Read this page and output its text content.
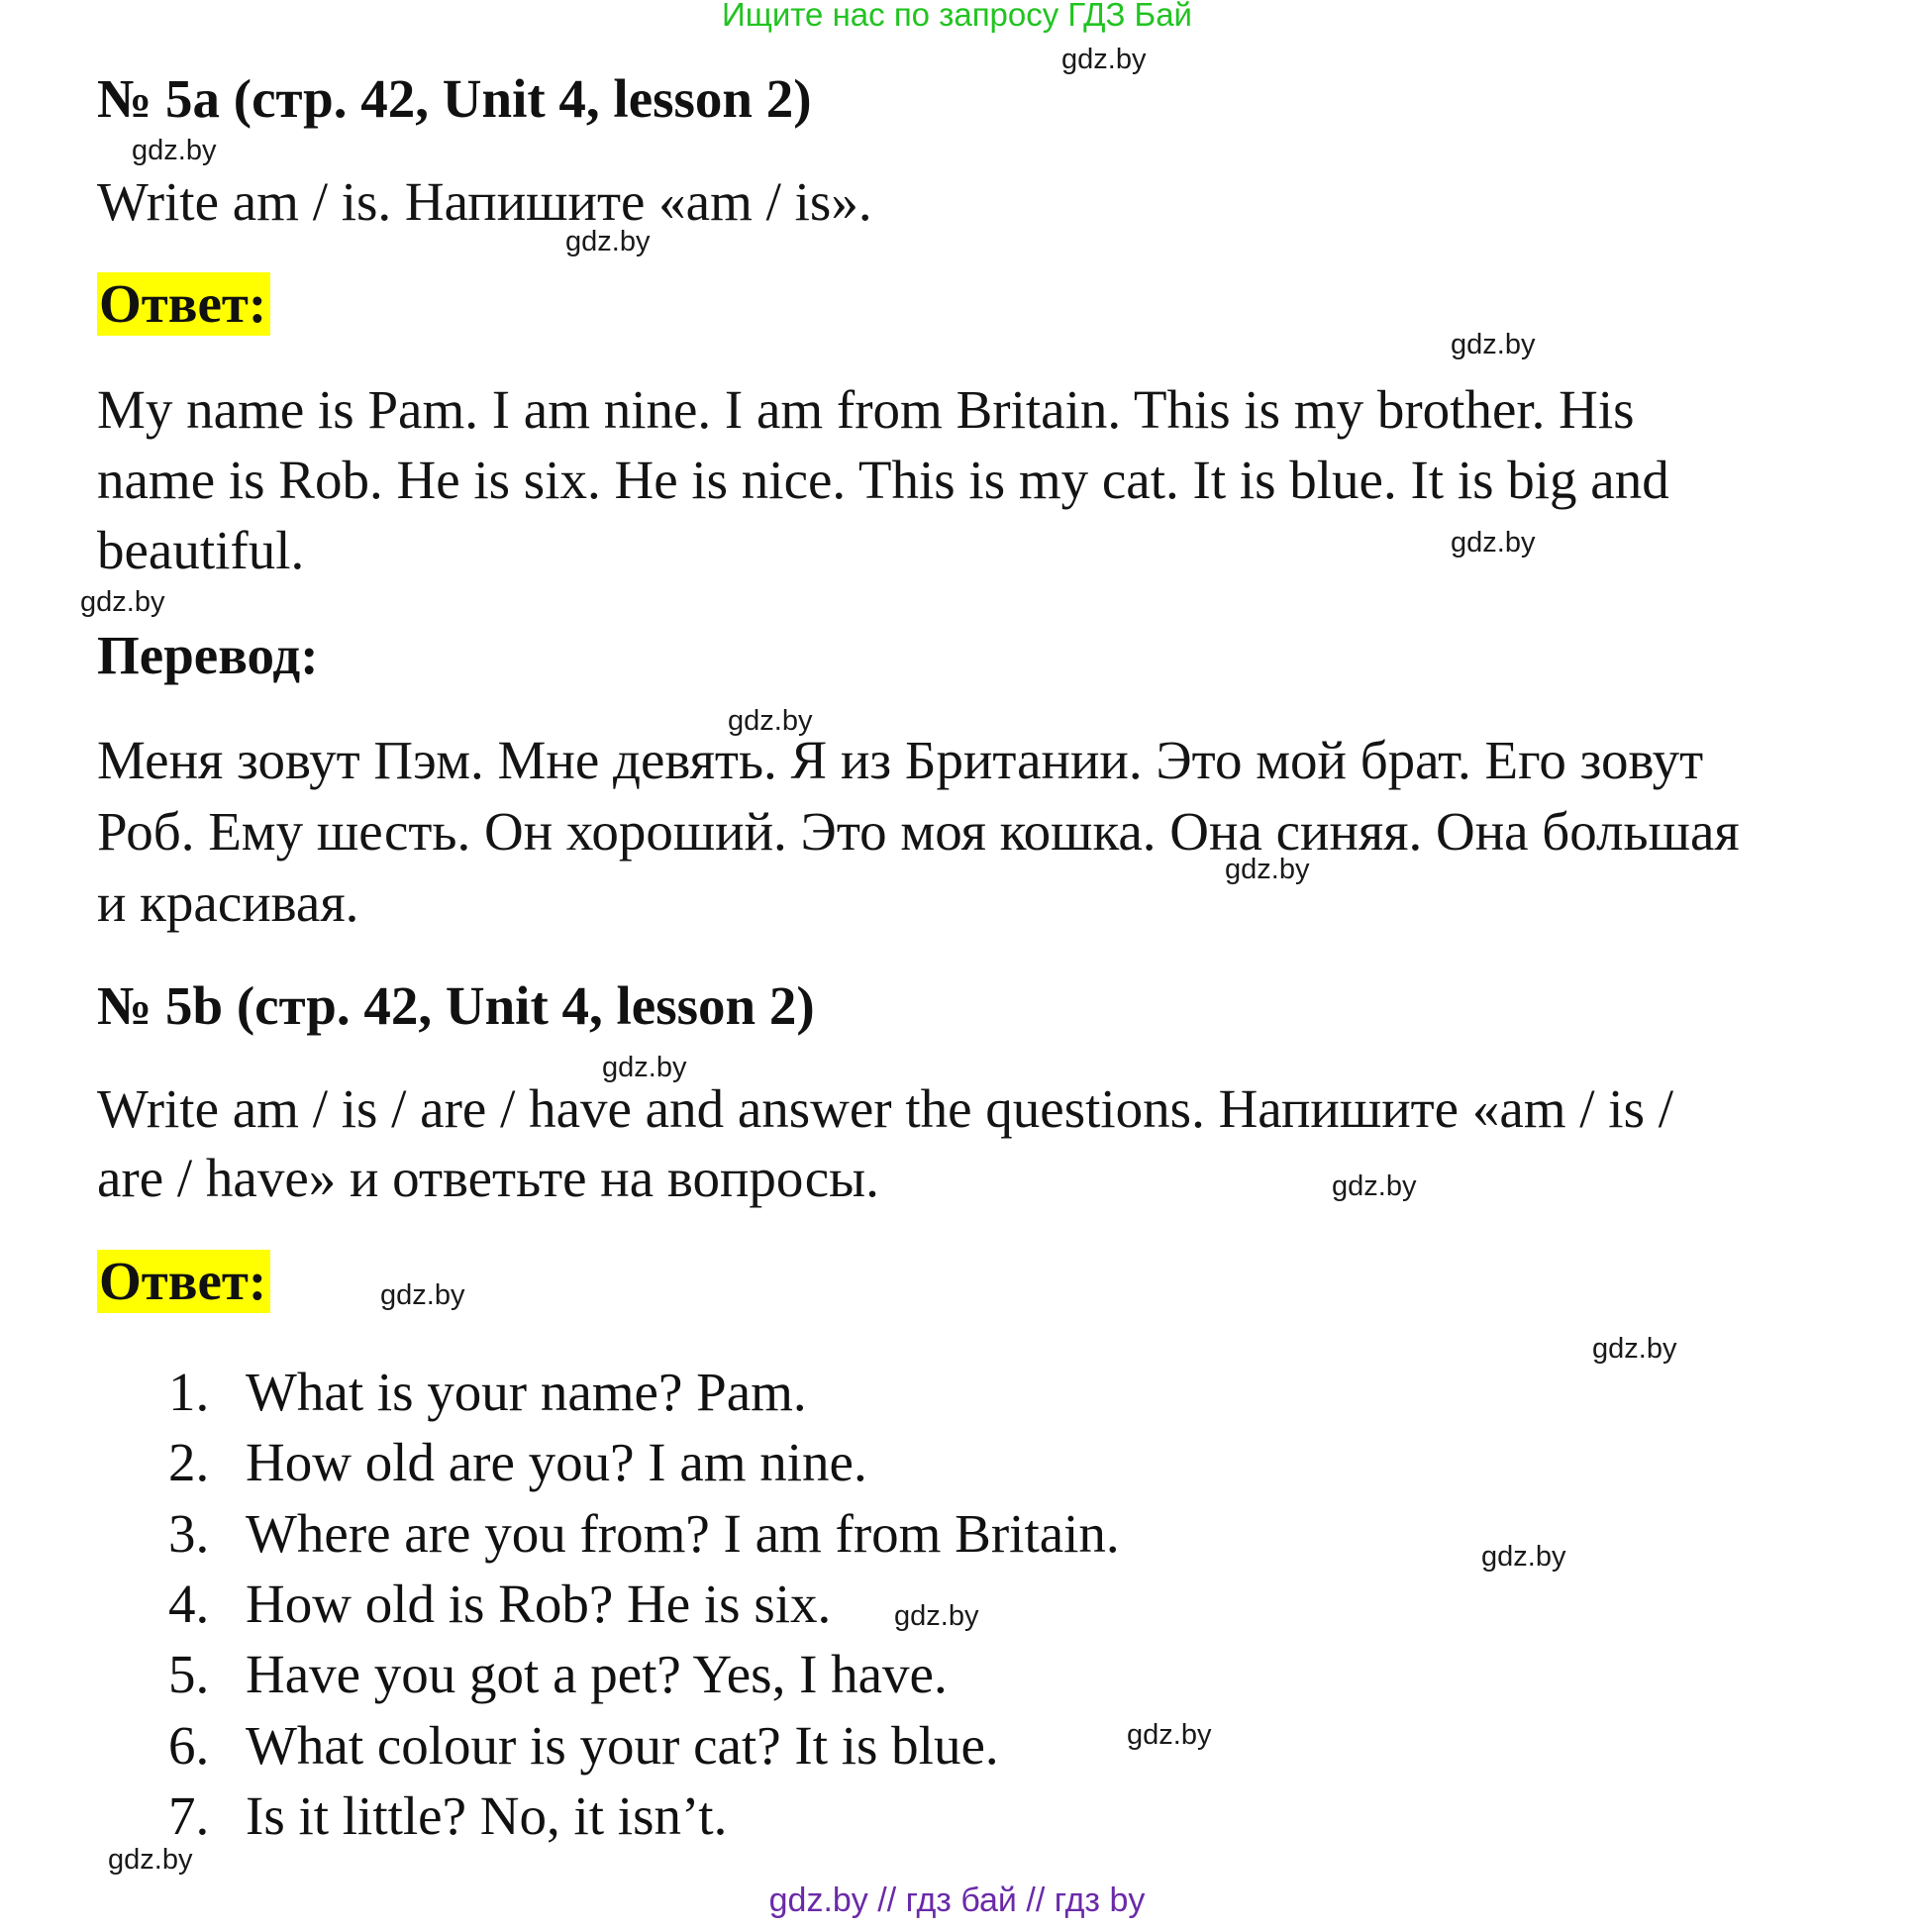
Ищите нас по запросу ГДЗ Бай
gdz.by
gdz.by
gdz.by
gdz.by
gdz.by
gdz.by
gdz.by
gdz.by
gdz.by
gdz.by
gdz.by
gdz.by
gdz.by
gdz.by
gdz.by
gdz.by
№ 5a (стр. 42, Unit 4, lesson 2)
Write am / is. Напишите «am / is».
Ответ:
My name is Pam. I am nine. I am from Britain. This is my brother. His
name is Rob. He is six. He is nice. This is my cat. It is blue. It is big and
beautiful.
Перевод:
Меня зовут Пэм. Мне девять. Я из Британии. Это мой брат. Его зовут
Роб. Ему шесть. Он хороший. Это моя кошка. Она синяя. Она большая
и красивая.
№ 5b (стр. 42, Unit 4, lesson 2)
Write am / is / are / have and answer the questions. Напишите «am / is /
are / have» и ответьте на вопросы.
Ответ:
1. What is your name? Pam.
2. How old are you? I am nine.
3. Where are you from? I am from Britain.
4. How old is Rob? He is six.
5. Have you got a pet? Yes, I have.
6. What colour is your cat? It is blue.
7. Is it little? No, it isn’t.
gdz.by // гдз бай // гдз by
